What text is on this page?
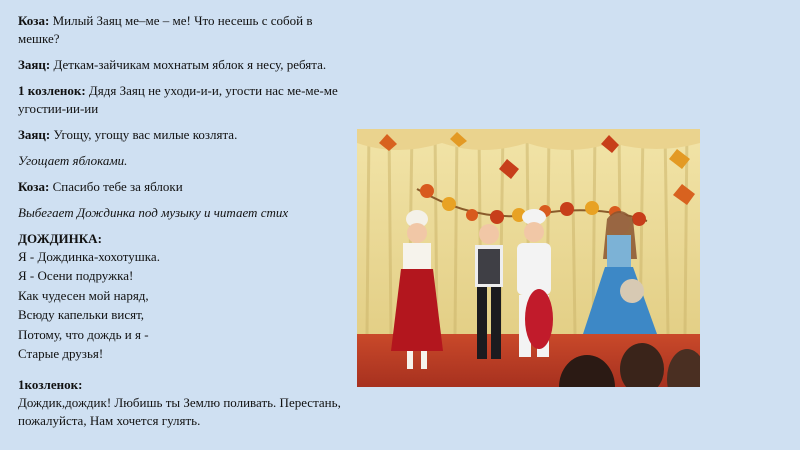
Коза: Милый Заяц ме–ме – ме! Что несешь с собой в
мешке?
Заяц: Деткам-зайчикам мохнатым яблок я несу, ребята.
1 козленок: Дядя Заяц не уходи-и-и, угости нас ме-ме-ме
угостии-ии-ии
Заяц: Угощу, угощу вас милые козлята.
Угощает яблоками.
Коза: Спасибо тебе за яблоки
Выбегает Дождинка под музыку и читает стих
ДОЖДИНКА:
Я - Дождинка-хохотушка.
Я - Осени подружка!
Как чудесен мой наряд,
Всюду капельки висят,
Потому, что дождь и я -
Старые друзья!
1козленок:
Дождик,дождик! Любишь ты Землю поливать. Перестань,
пожалуйста, Нам хочется гулять.
